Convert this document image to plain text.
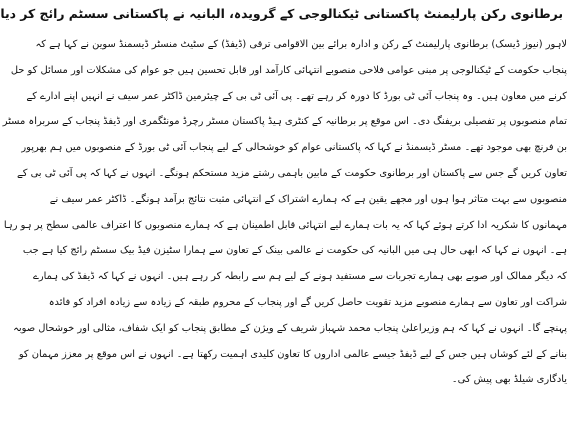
برطانوی رکن پارلیمنٹ پاکستانی ٹیکنالوجی کے گرویدہ، البانیہ نے پاکستانی سسٹم رائج کر دیا
لاہور (نیوز ڈیسک) برطانوی پارلیمنٹ کے رکن و ادارہ برائے بین الاقوامی ترقی (ڈیفڈ) کے سٹیٹ منسٹر ڈیسمنڈ سوین نے کہا ہے کہ
پنجاب حکومت کے ٹیکنالوجی پر مبنی عوامی فلاحی منصوبے انتہائی کارآمد اور قابل تحسین ہیں جو عوام کی مشکلات اور مسائل کو حل
کرنے میں معاون ہیں۔ وہ پنجاب آئی ٹی بورڈ کا دورہ کر رہے تھے۔ پی آئی ٹی بی کے چیئرمین ڈاکٹر عمر سیف نے انہیں اپنے ادارے کے
تمام منصوبوں پر تفصیلی بریفنگ دی۔ اس موقع پر برطانیہ کے کنٹری ہیڈ پاکستان مسٹر رچرڈ مونٹگمری اور ڈیفڈ پنجاب کے سربراہ مسٹر
بن فرنچ بھی موجود تھے۔ مسٹر ڈیسمنڈ نے کہا کہ پاکستانی عوام کو خوشحالی کے لیے پنجاب آئی ٹی بورڈ کے منصوبوں میں ہم بھرپور
تعاون کریں گے جس سے پاکستان اور برطانوی حکومت کے مابین باہمی رشتے مزید مستحکم ہونگے۔ انہوں نے کہا کہ پی آئی ٹی بی کے
منصوبوں سے بہت متاثر ہوا ہوں اور مجھے یقین ہے کہ ہمارے اشتراک کے انتہائی مثبت نتائج برآمد ہونگے۔ ڈاکٹر عمر سیف نے
مہمانوں کا شکریہ ادا کرتے ہوئے کہا کہ یہ بات ہمارے لیے انتہائی قابل اطمینان ہے کہ ہمارے منصوبوں کا اعتراف عالمی سطح پر ہو رہا
ہے۔ انہوں نے کہا کہ ابھی حال ہی میں البانیہ کی حکومت نے عالمی بینک کے تعاون سے ہمارا سٹیزن فیڈ بیک سسٹم رائج کیا ہے جب
کہ دیگر ممالک اور صوبے بھی ہمارے تجربات سے مستفید ہونے کے لیے ہم سے رابطہ کر رہے ہیں۔ انہوں نے کہا کہ ڈیفڈ کی ہمارے
شراکت اور تعاون سے ہمارے منصوبے مزید تقویت حاصل کریں گے اور پنجاب کے محروم طبقہ کے زیادہ سے زیادہ افراد کو فائدہ
پہنچے گا۔ انہوں نے کہا کہ ہم وزیراعلیٰ پنجاب محمد شہباز شریف کے ویژن کے مطابق پنجاب کو ایک شفاف، مثالی اور خوشحال صوبہ
بنانے کے لئے کوشاں ہیں جس کے لیے ڈیفڈ جیسے عالمی اداروں کا تعاون کلیدی اہمیت رکھتا ہے۔ انہوں نے اس موقع پر معزز مہمان کو
یادگاری شیلڈ بھی پیش کی۔
